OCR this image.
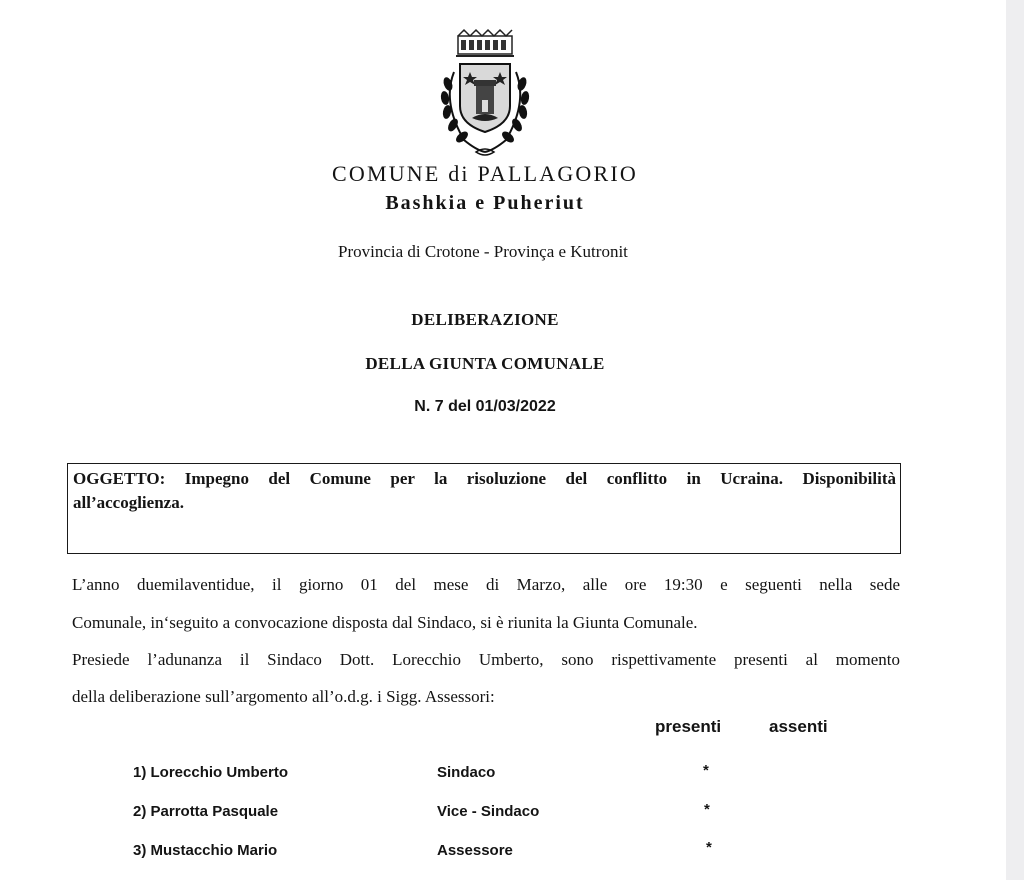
COMUNE di PALLAGORIO
Bashkia e Puheriut
Provincia di Crotone - Provinça e Kutronit
DELIBERAZIONE
DELLA GIUNTA COMUNALE
N. 7 del 01/03/2022
OGGETTO: Impegno del Comune per la risoluzione del conflitto in Ucraina. Disponibilità
all’accoglienza.
L’anno duemilaventidue, il giorno 01 del mese di Marzo, alle ore 19:30 e seguenti nella sede
Comunale, in‘seguito a convocazione disposta dal Sindaco, si è riunita la Giunta Comunale.
Presiede l’adunanza il Sindaco Dott. Lorecchio Umberto, sono rispettivamente presenti al momento
della deliberazione sull’argomento all’o.d.g. i Sigg. Assessori:
presenti	assenti
1) Lorecchio Umberto	Sindaco	*
2) Parrotta Pasquale	Vice - Sindaco	*
3) Mustacchio Mario	Assessore	*
